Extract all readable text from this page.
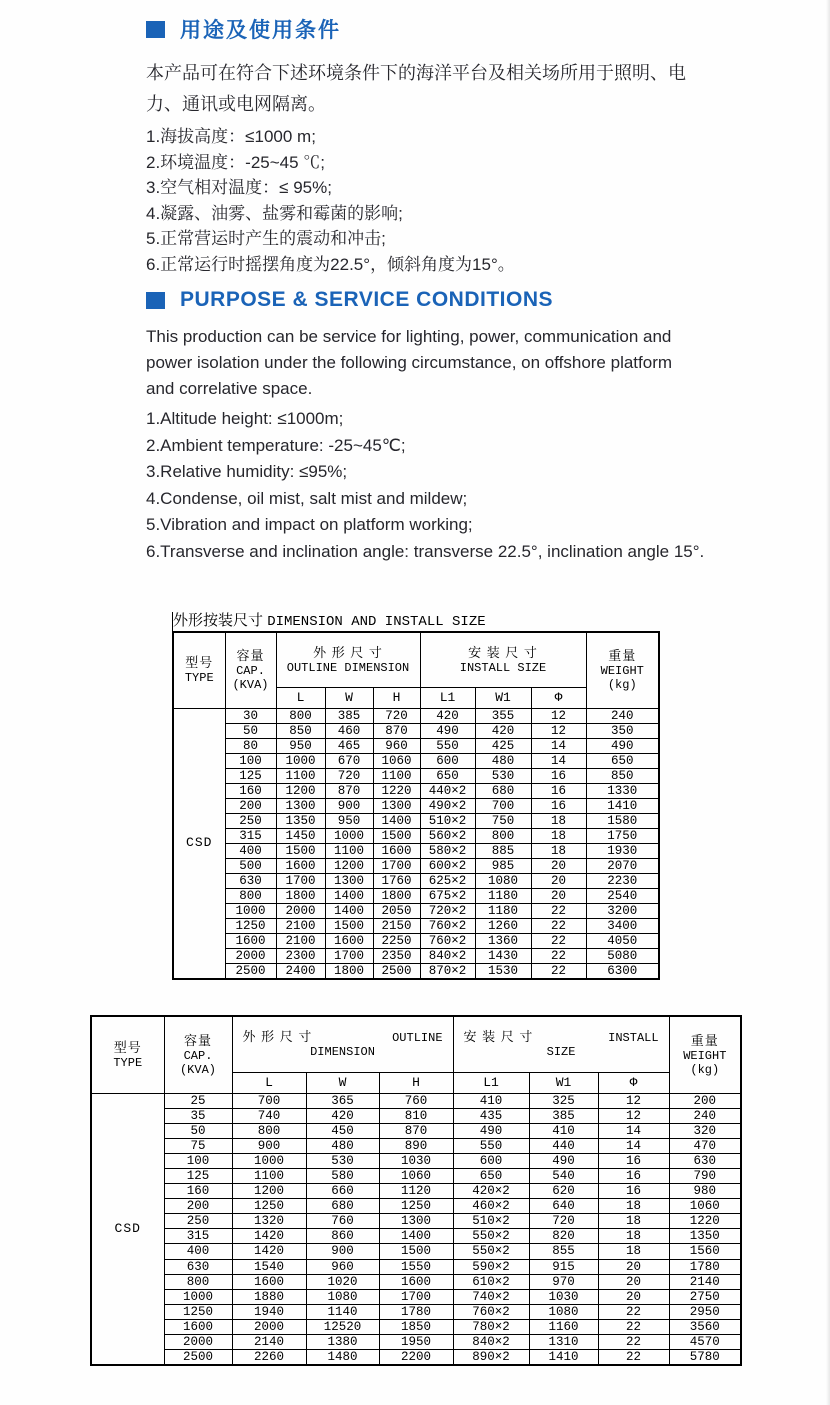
用途及使用条件

本产品可在符合下述环境条件下的海洋平台及相关场所用于照明、电力、通讯或电网隔离。

1.海拔高度：≤1000 m;
2.环境温度：-25~45 ℃;
3.空气相对温度：≤ 95%;
4.凝露、油雾、盐雾和霉菌的影响;
5.正常营运时产生的震动和冲击;
6.正常运行时摇摆角度为22.5°，倾斜角度为15°。
PURPOSE & SERVICE CONDITIONS

This production can be service for lighting, power, communication and power isolation under the following circumstance, on offshore platform and correlative space.

1.Altitude height: ≤1000m;
2.Ambient temperature: -25~45℃;
3.Relative humidity: ≤95%;
4.Condense, oil mist, salt mist and mildew;
5.Vibration and impact on platform working;
6.Transverse and inclination angle: transverse 22.5°, inclination angle 15°.
外形按装尺寸 DIMENSION AND INSTALL SIZE
型号
TYPE

容量
CAP.
(KVA)

外 形 尺 寸
OUTLINE DIMENSION

安 装 尺 寸
INSTALL SIZE

重量
WEIGHT
(kg)

		L	W	H	L1	W1	Φ	
CSD	30	800	385	720	420	355	12	240
	50	850	460	870	490	420	12	350
	80	950	465	960	550	425	14	490
	100	1000	670	1060	600	480	14	650
	125	1100	720	1100	650	530	16	850
	160	1200	870	1220	440×2	680	16	1330
	200	1300	900	1300	490×2	700	16	1410
	250	1350	950	1400	510×2	750	18	1580
	315	1450	1000	1500	560×2	800	18	1750
	400	1500	1100	1600	580×2	885	18	1930
	500	1600	1200	1700	600×2	985	20	2070
	630	1700	1300	1760	625×2	1080	20	2230
	800	1800	1400	1800	675×2	1180	20	2540
	1000	2000	1400	2050	720×2	1180	22	3200
	1250	2100	1500	2150	760×2	1260	22	3400
	1600	2100	1600	2250	760×2	1360	22	4050
	2000	2300	1700	2350	840×2	1430	22	5080
	2500	2400	1800	2500	870×2	1530	22	6300
型号
TYPE

容量
CAP.
(KVA)

外 形 尺 寸	OUTLINE
DIMENSION

安 装 尺 寸	INSTALL
SIZE

重量
WEIGHT
(kg)

		L	W	H	L1	W1	Φ	
CSD	25	700	365	760	410	325	12	200
	35	740	420	810	435	385	12	240
	50	800	450	870	490	410	14	320
	75	900	480	890	550	440	14	470
	100	1000	530	1030	600	490	16	630
	125	1100	580	1060	650	540	16	790
	160	1200	660	1120	420×2	620	16	980
	200	1250	680	1250	460×2	640	18	1060
	250	1320	760	1300	510×2	720	18	1220
	315	1420	860	1400	550×2	820	18	1350
	400	1420	900	1500	550×2	855	18	1560
	630	1540	960	1550	590×2	915	20	1780
	800	1600	1020	1600	610×2	970	20	2140
	1000	1880	1080	1700	740×2	1030	20	2750
	1250	1940	1140	1780	760×2	1080	22	2950
	1600	2000	12520	1850	780×2	1160	22	3560
	2000	2140	1380	1950	840×2	1310	22	4570
	2500	2260	1480	2200	890×2	1410	22	5780
